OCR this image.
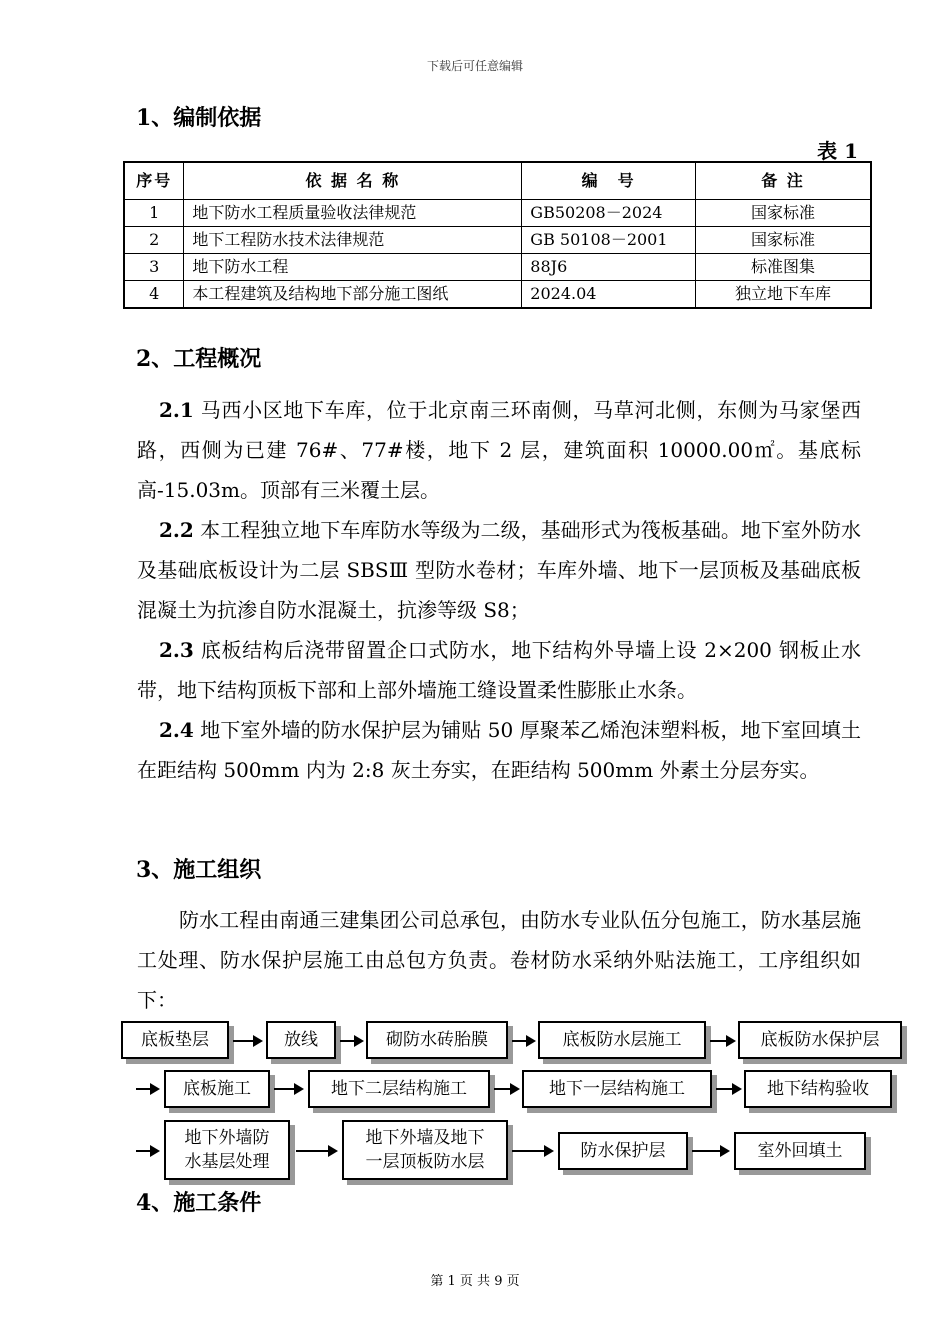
下载后可任意编辑
1、编制依据
表 1
序号	依 据 名 称	编　号	备 注
1	地下防水工程质量验收法律规范	GB50208－2024	国家标准
2	地下工程防水技术法律规范	GB 50108－2001	国家标准
3	地下防水工程	88J6	标准图集
4	本工程建筑及结构地下部分施工图纸	2024.04	独立地下车库
2、工程概况
2.1 马西小区地下车库，位于北京南三环南侧，马草河北侧，东侧为马家堡西路，西侧为已建 76#、77#楼，地下 2 层，建筑面积 10000.00㎡。基底标高-15.03m。顶部有三米覆土层。
2.2 本工程独立地下车库防水等级为二级，基础形式为筏板基础。地下室外防水及基础底板设计为二层 SBSⅢ 型防水卷材；车库外墙、地下一层顶板及基础底板混凝土为抗渗自防水混凝土，抗渗等级 S8；
2.3 底板结构后浇带留置企口式防水，地下结构外导墙上设 2×200 钢板止水带，地下结构顶板下部和上部外墙施工缝设置柔性膨胀止水条。
2.4 地下室外墙的防水保护层为铺贴 50 厚聚苯乙烯泡沫塑料板，地下室回填土在距结构 500mm 内为 2:8 灰土夯实，在距结构 500mm 外素土分层夯实。
3、施工组织
防水工程由南通三建集团公司总承包，由防水专业队伍分包施工，防水基层施工处理、防水保护层施工由总包方负责。卷材防水采纳外贴法施工，工序组织如下：
底板垫层	放线	砌防水砖胎膜	底板防水层施工	底板防水保护层
底板施工	地下二层结构施工	地下一层结构施工	地下结构验收
地下外墙防
水基层处理
地下外墙及地下
一层顶板防水层
防水保护层	室外回填土
4、施工条件
第 1 页 共 9 页
